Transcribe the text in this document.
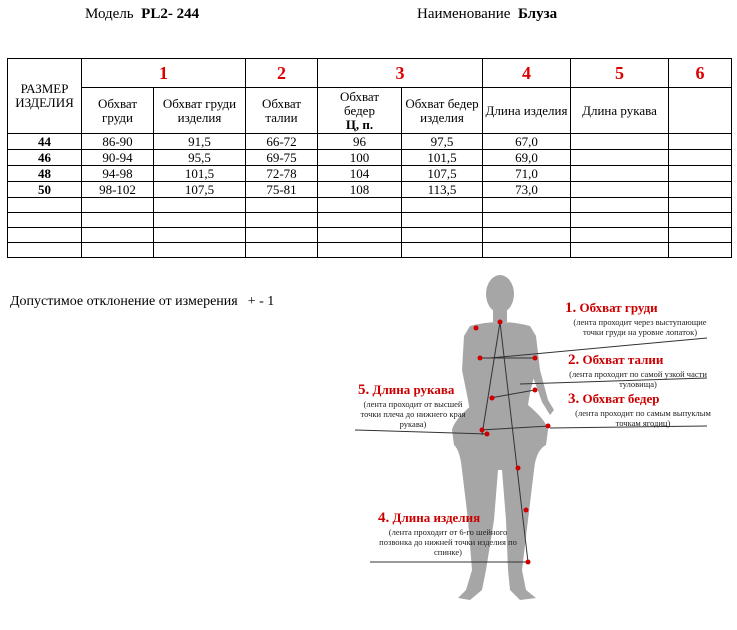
Модель PL2- 244	Наименование Блуза
РАЗМЕР ИЗДЕЛИЯ	1		2	3		4	5	6
	Обхват груди	Обхват груди изделия	Обхват талии	Обхват
бедер
Ц, п.	Обхват бедер изделия	Длина изделия	Длина рукава	
44	86-90	91,5	66-72	96	97,5	67,0		
46	90-94	95,5	69-75	100	101,5	69,0		
48	94-98	101,5	72-78	104	107,5	71,0		
50	98-102	107,5	75-81	108	113,5	73,0		

Допустимое отклонение от измерения + - 1	1. Обхват груди
(лента проходит через выступающие точки груди на уровне лопаток)
2. Обхват талии
(лента проходит по самой узкой части туловища)
3. Обхват бедер
(лента проходит по самым выпуклым точкам ягодиц)
5. Длина рукава
(лента проходит от высшей точки плеча до нижнего края рукава)
4. Длина изделия
(лента проходит от 6-го шейного позвонка до нижней точки изделия по спинке)
